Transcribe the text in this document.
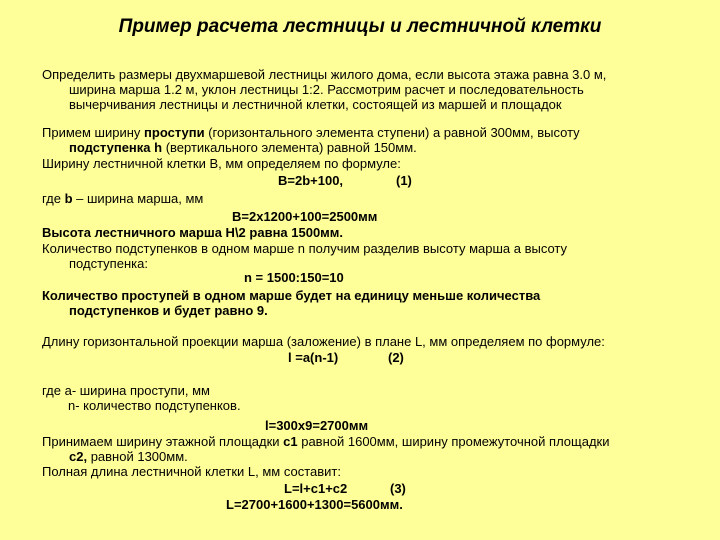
Пример расчета лестницы и лестничной клетки
Определить размеры двухмаршевой лестницы жилого дома, если высота этажа равна 3.0 м,

ширина марша 1.2 м, уклон лестницы 1:2. Рассмотрим расчет и последовательность
вычерчивания лестницы и лестничной клетки, состоящей из маршей и площадок
Примем ширину проступи (горизонтального элемента ступени) а равной 300мм, высоту

подступенка h (вертикального элемента) равной 150мм.
Ширину лестничной клетки В, мм определяем по формуле:
В=2b+100,	(1)
где b – ширина марша, мм
В=2х1200+100=2500мм
Высота лестничного марша Н\2 равна 1500мм.
Количество подступенков в одном марше n получим разделив высоту марша а высоту

подступенка:
n = 1500:150=10
Количество проступей в одном марше будет на единицу меньше количества

подступенков и будет равно 9.
Длину горизонтальной проекции марша (заложение) в плане L, мм определяем по формуле:
l =а(n-1)	(2)
где а- ширина проступи, мм
n- количество подступенков.
l=300x9=2700мм
Принимаем ширину этажной площадки с1 равной 1600мм, ширину промежуточной площадки

с2, равной 1300мм.
Полная длина лестничной клетки L, мм составит:
L=l+с1+с2	(3)
L=2700+1600+1300=5600мм.
